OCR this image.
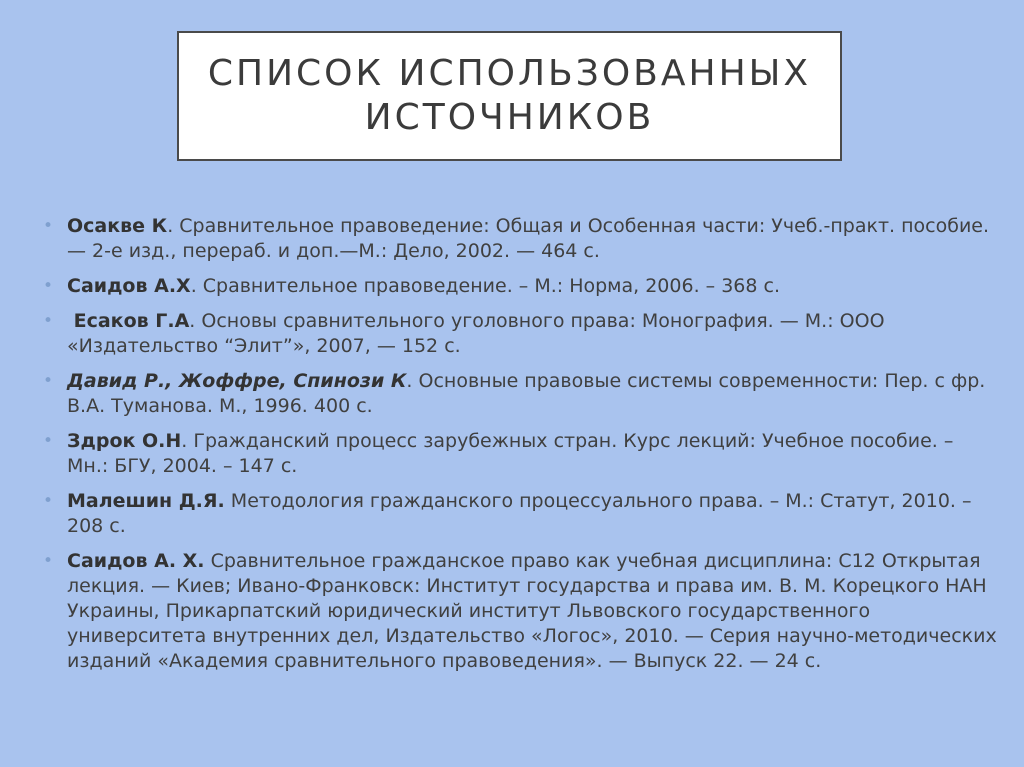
СПИСОК ИСПОЛЬЗОВАННЫХ
ИСТОЧНИКОВ
• Осакве К. Сравнительное правоведение: Общая и Особенная части: Учеб.-практ. пособие. — 2-е изд., перераб. и доп.—М.: Дело, 2002. — 464 с.
• Саидов А.Х. Сравнительное правоведение. – М.: Норма, 2006. – 368 с.
• Есаков Г.А. Основы сравнительного уголовного права: Монография. — М.: ООО «Издательство “Элит”», 2007, — 152 с.
• Давид Р., Жоффре, Спинози К. Основные правовые системы современности: Пер. с фр. В.А. Туманова. М., 1996. 400 с.
• Здрок О.Н. Гражданский процесс зарубежных стран. Курс лекций: Учебное пособие. – Мн.: БГУ, 2004. – 147 с.
• Малешин Д.Я. Методология гражданского процессуального права. – М.: Статут, 2010. – 208 с.
• Саидов А. Х. Сравнительное гражданское право как учебная дисциплина: С12 Открытая лекция. — Киев; Ивано-Франковск: Институт государства и права им. В. М. Корецкого НАН Украины, Прикарпатский юридический институт Львовского государственного университета внутренних дел, Издательство «Логос», 2010. — Серия научно-методических изданий «Академия сравнительного правоведения». — Выпуск 22. — 24 с.
